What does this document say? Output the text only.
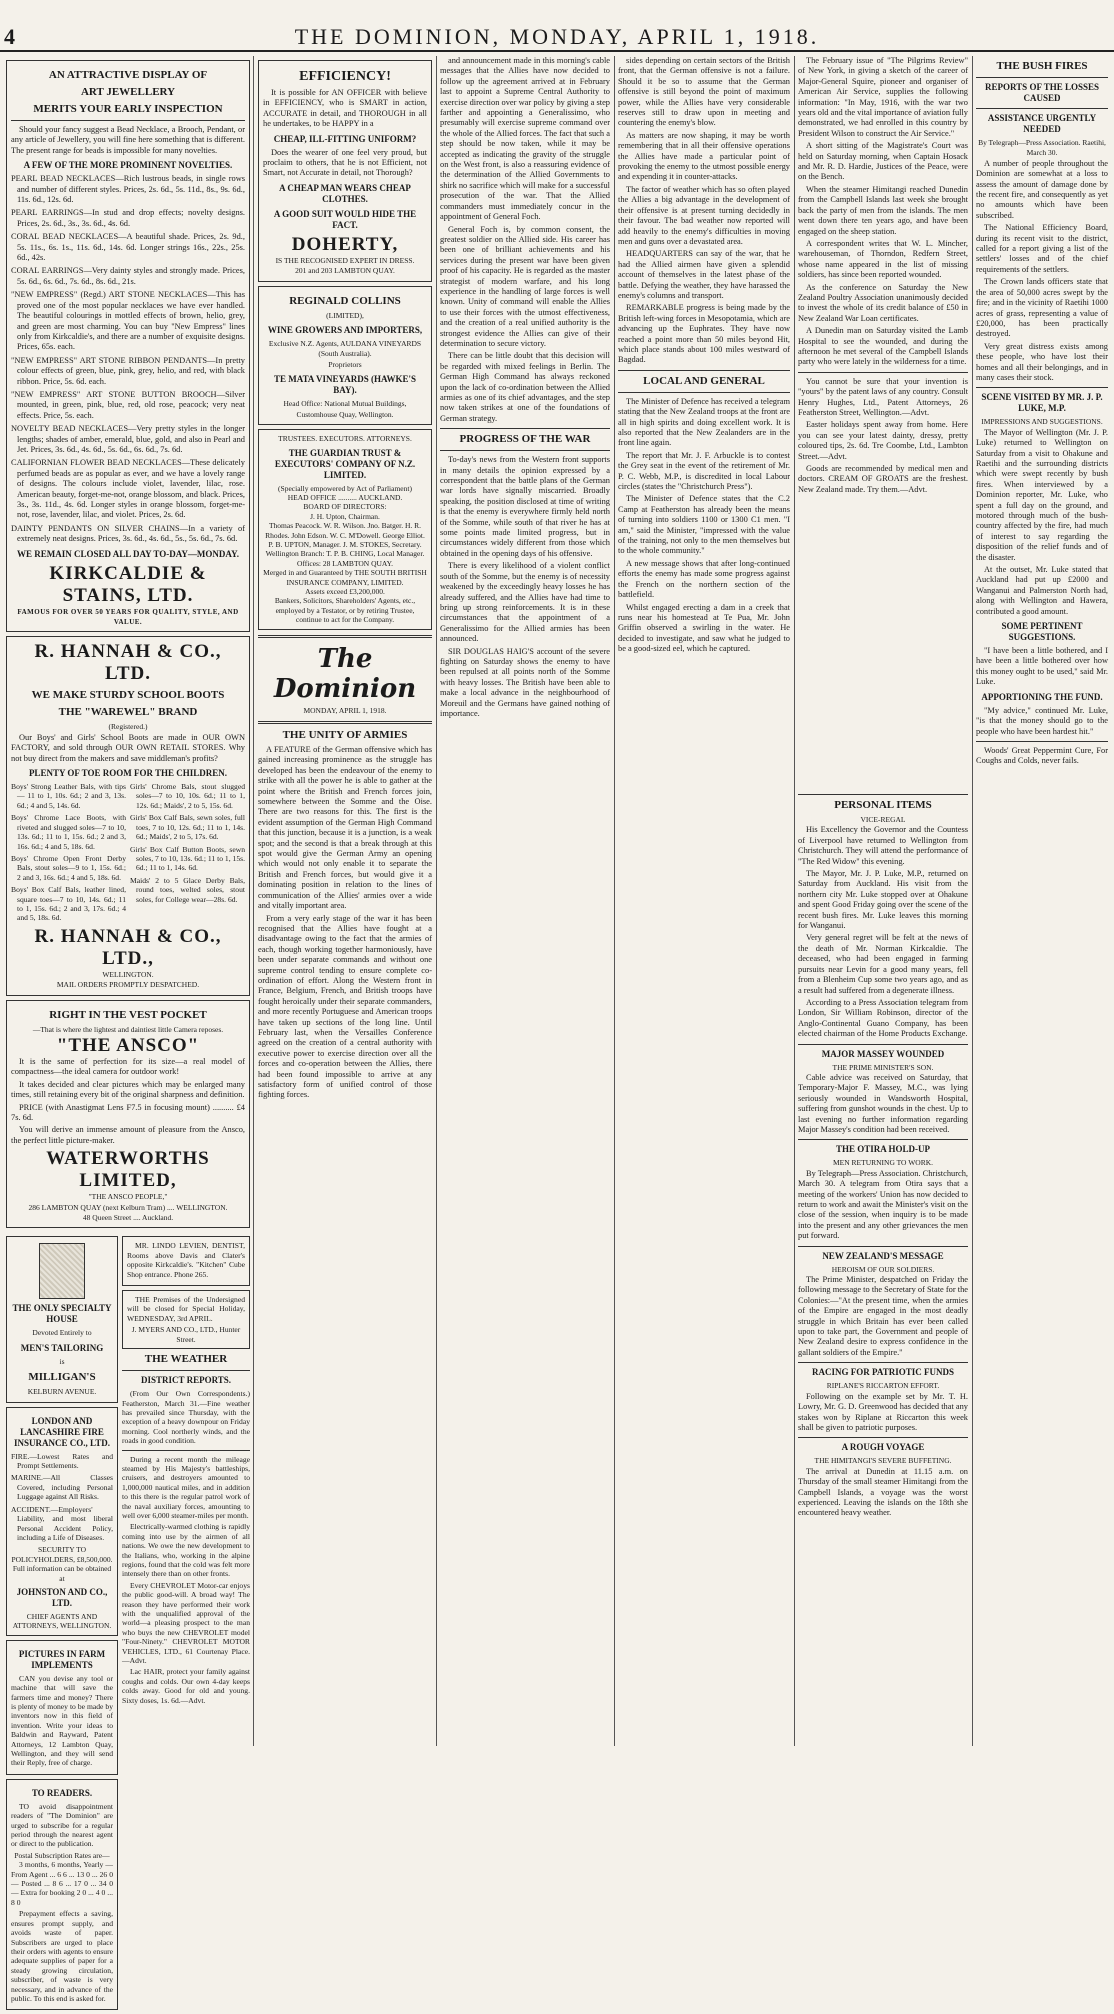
4	THE DOMINION, MONDAY, APRIL 1, 1918.
AN ATTRACTIVE DISPLAY OF
ART JEWELLERY
MERITS YOUR EARLY INSPECTION

Should your fancy suggest a Bead Necklace, a Brooch, Pendant, or any article of Jewellery, you will fine here something that is different. The present range for beads is impossible for many novelties.

A FEW OF THE MORE PROMINENT NOVELTIES.
PEARL BEAD NECKLACES—Rich lustrous beads, in single rows and number of different styles. Prices, 2s. 6d., 5s. 11d., 8s., 9s. 6d., 11s. 6d., 12s. 6d.
PEARL EARRINGS—In stud and drop effects; novelty designs. Prices, 2s. 6d., 3s., 3s. 6d., 4s. 6d.
CORAL BEAD NECKLACES—A beautiful shade. Prices, 2s. 9d., 5s. 11s., 6s. 1s., 11s. 6d., 14s. 6d. Longer strings 16s., 22s., 25s. 6d., 42s.
CORAL EARRINGS—Very dainty styles and strongly made. Prices, 5s. 6d., 6s. 6d., 7s. 6d., 8s. 6d., 21s.
"NEW EMPRESS" (Regd.) ART STONE NECKLACES—This has proved one of the most popular necklaces we have ever handled. The beautiful colourings in mottled effects of brown, helio, grey, and green are most charming. You can buy "New Empress" lines only from Kirkcaldie's, and there are a number of exquisite designs. Prices, 65s. each.
"NEW EMPRESS" ART STONE RIBBON PENDANTS—In pretty colour effects of green, blue, pink, grey, helio, and red, with black ribbon. Price, 5s. 6d. each.
"NEW EMPRESS" ART STONE BUTTON BROOCH—Silver mounted, in green, pink, blue, red, old rose, peacock; very neat effects. Price, 5s. each.
NOVELTY BEAD NECKLACES—Very pretty styles in the longer lengths; shades of amber, emerald, blue, gold, and also in Pearl and Jet. Prices, 3s. 6d., 4s. 6d., 5s. 6d., 6s. 6d., 7s. 6d.
CALIFORNIAN FLOWER BEAD NECKLACES—These delicately perfumed beads are as popular as ever, and we have a lovely range of designs. The colours include violet, lavender, lilac, rose. American beauty, forget-me-not, orange blossom, and black. Prices, 3s., 3s. 11d., 4s. 6d. Longer styles in orange blossom, forget-me-not, rose, lavender, lilac, and violet. Prices, 2s. 6d.
DAINTY PENDANTS ON SILVER CHAINS—In a variety of extremely neat designs. Prices, 3s. 6d., 4s. 6d., 5s., 5s. 6d., 7s. 6d.
WE REMAIN CLOSED ALL DAY TO-DAY—MONDAY.
KIRKCALDIE & STAINS, LTD.
FAMOUS FOR OVER 50 YEARS FOR QUALITY, STYLE, AND VALUE.
R. HANNAH & CO., LTD.
WE MAKE STURDY SCHOOL BOOTS
THE "WAREWEL" BRAND
(Registered.)

Our Boys' and Girls' School Boots are made in OUR OWN FACTORY, and sold through OUR OWN RETAIL STORES. Why not buy direct from the makers and save middleman's profits?

PLENTY OF TOE ROOM FOR THE CHILDREN.
Boys' Strong Leather Bals, with tips— 11 to 1, 10s. 6d.; 2 and 3, 13s. 6d.; 4 and 5, 14s. 6d.
Boys' Chrome Lace Boots, with riveted and slugged soles—7 to 10, 13s. 6d.; 11 to 1, 15s. 6d.; 2 and 3, 16s. 6d.; 4 and 5, 18s. 6d.
Boys' Chrome Open Front Derby Bals, stout soles—9 to 1, 15s. 6d.; 2 and 3, 16s. 6d.; 4 and 5, 18s. 6d.
Boys' Box Calf Bals, leather lined, square toes—7 to 10, 14s. 6d.; 11 to 1, 15s. 6d.; 2 and 3, 17s. 6d.; 4 and 5, 18s. 6d.
Girls' Chrome Bals, stout slugged soles—7 to 10, 10s. 6d.; 11 to 1, 12s. 6d.; Maids', 2 to 5, 15s. 6d.
Girls' Box Calf Bals, sewn soles, full toes, 7 to 10, 12s. 6d.; 11 to 1, 14s. 6d.; Maids', 2 to 5, 17s. 6d.
Girls' Box Calf Button Boots, sewn soles, 7 to 10, 13s. 6d.; 11 to 1, 15s. 6d.; 11 to 1, 14s. 6d.
Maids' 2 to 5 Glace Derby Bals, round toes, welted soles, stout soles, for College wear—28s. 6d.
R. HANNAH & CO., LTD.,
WELLINGTON.
MAIL ORDERS PROMPTLY DESPATCHED.
RIGHT IN THE VEST POCKET
—That is where the lightest and daintiest little Camera reposes.
"THE ANSCO"

It is the same of perfection for its size—a real model of compactness—the ideal camera for outdoor work!

It takes decided and clear pictures which may be enlarged many times, still retaining every bit of the original sharpness and definition.

PRICE (with Anastigmat Lens F7.5 in focusing mount) .......... £4 7s. 6d.

You will derive an immense amount of pleasure from the Ansco, the perfect little picture-maker.

WATERWORTHS LIMITED,
"THE ANSCO PEOPLE,"
286 LAMBTON QUAY (next Kelburn Tram) .... WELLINGTON.
48 Queen Street .... Auckland.
THE ONLY SPECIALTY HOUSE
Devoted Entirely to
MEN'S TAILORING
is
MILLIGAN'S
KELBURN AVENUE.
LONDON AND LANCASHIRE FIRE INSURANCE CO., LTD.
FIRE.—Lowest Rates and Prompt Settlements.
MARINE.—All Classes Covered, including Personal Luggage against All Risks.
ACCIDENT.—Employers' Liability, and most liberal Personal Accident Policy, including a Life of Diseases.
SECURITY TO POLICYHOLDERS, £8,500,000.
Full information can be obtained at
JOHNSTON AND CO., LTD.
CHIEF AGENTS AND ATTORNEYS, WELLINGTON.
PICTURES IN FARM IMPLEMENTS

CAN you devise any tool or machine that will save the farmers time and money? There is plenty of money to be made by inventors now in this field of invention. Write your ideas to Baldwin and Rayward, Patent Attorneys, 12 Lambton Quay, Wellington, and they will send their Reply, free of charge.

TO READERS.

TO avoid disappointment readers of "The Dominion" are urged to subscribe for a regular period through the nearest agent or direct to the publication.

Postal Subscription Rates are—

3 months, 6 months, Yearly — From Agent ... 6 6 ... 13 0 ... 26 0 — Posted ... 8 6 ... 17 0 ... 34 0 — Extra for booking 2 0 ... 4 0 ... 8 0

Prepayment effects a saving, ensures prompt supply, and avoids waste of paper. Subscribers are urged to place their orders with agents to ensure adequate supplies of paper for a steady growing circulation, subscriber, of waste is very necessary, and in advance of the public. To this end is asked for.

MR. LINDO LEVIEN, DENTIST, Rooms above Davis and Clater's opposite Kirkcaldie's. "Kitchen" Cube Shop entrance. Phone 265.

THE Premises of the Undersigned will be closed for Special Holiday, WEDNESDAY, 3rd APRIL.

J. MYERS AND CO., LTD., Hunter Street.
THE WEATHER
DISTRICT REPORTS.

(From Our Own Correspondents.) Featherston, March 31.—Fine weather has prevailed since Thursday, with the exception of a heavy downpour on Friday morning. Cool northerly winds, and the roads in good condition.

During a recent month the mileage steamed by His Majesty's battleships, cruisers, and destroyers amounted to 1,000,000 nautical miles, and in addition to this there is the regular patrol work of the naval auxiliary forces, amounting to well over 6,000 steamer-miles per month.

Electrically-warmed clothing is rapidly coming into use by the airmen of all nations. We owe the new development to the Italians, who, working in the alpine regions, found that the cold was felt more intensely there than on other fronts.

Every CHEVROLET Motor-car enjoys the public good-will. A broad way! The reason they have performed their work with the unqualified approval of the world—a pleasing prospect to the man who buys the new CHEVROLET model "Four-Ninety." CHEVROLET MOTOR VEHICLES, LTD., 61 Courtenay Place.—Advt.

Lac HAIR, protect your family against coughs and colds. Our own 4-day keeps colds away. Good for old and young. Sixty doses, 1s. 6d.—Advt.

EFFICIENCY!

It is possible for AN OFFICER with believe in EFFICIENCY, who is SMART in action, ACCURATE in detail, and THOROUGH in all he undertakes, to be HAPPY in a

CHEAP, ILL-FITTING UNIFORM?

Does the wearer of one feel very proud, but proclaim to others, that he is not Efficient, not Smart, not Accurate in detail, not Thorough?

A CHEAP MAN WEARS CHEAP CLOTHES.
A GOOD SUIT WOULD HIDE THE FACT.
DOHERTY,
IS THE RECOGNISED EXPERT IN DRESS.
201 and 203 LAMBTON QUAY.
REGINALD COLLINS
(LIMITED),
WINE GROWERS AND IMPORTERS,
Exclusive N.Z. Agents, AULDANA VINEYARDS (South Australia).
Proprietors
TE MATA VINEYARDS (HAWKE'S BAY).
Head Office: National Mutual Buildings, Customhouse Quay, Wellington.
TRUSTEES. EXECUTORS. ATTORNEYS.
THE GUARDIAN TRUST & EXECUTORS' COMPANY OF N.Z. LIMITED.
(Specially empowered by Act of Parliament)
HEAD OFFICE .......... AUCKLAND.
BOARD OF DIRECTORS:
J. H. Upton, Chairman.
Thomas Peacock. W. R. Wilson. Jno. Batger. H. R. Rhodes. John Edson. W. C. M'Dowell. George Elliot.
P. B. UPTON, Manager. J. M. STOKES, Secretary.
Wellington Branch: T. P. B. CHING, Local Manager.
Offices: 28 LAMBTON QUAY.
Merged in and Guaranteed by THE SOUTH BRITISH INSURANCE COMPANY, LIMITED.
Assets exceed £3,200,000.
Bankers, Solicitors, Shareholders' Agents, etc., employed by a Testator, or by retiring Trustee, continue to act for the Company.
The Dominion
MONDAY, APRIL 1, 1918.
THE UNITY OF ARMIES

A FEATURE of the German offensive which has gained increasing prominence as the struggle has developed has been the endeavour of the enemy to strike with all the power he is able to gather at the point where the British and French forces join, somewhere between the Somme and the Oise. There are two reasons for this. The first is the evident assumption of the German High Command that this junction, because it is a junction, is a weak spot; and the second is that a break through at this spot would give the German Army an opening which would not only enable it to separate the British and French forces, but would give it a dominating position in relation to the lines of communication of the Allies' armies over a wide and vitally important area.

From a very early stage of the war it has been recognised that the Allies have fought at a disadvantage owing to the fact that the armies of each, though working together harmoniously, have been under separate commands and without one supreme control tending to ensure complete co-ordination of effort. Along the Western front in France, Belgium, French, and British troops have fought heroically under their separate commanders, and more recently Portuguese and American troops have taken up sections of the long line. Until February last, when the Versailles Conference agreed on the creation of a central authority with executive power to exercise direction over all the forces and co-operation between the Allies, there had been found impossible to arrive at any satisfactory form of unified control of those fighting forces.

and announcement made in this morning's cable messages that the Allies have now decided to follow up the agreement arrived at in February last to appoint a Supreme Central Authority to exercise direction over war policy by giving a step farther and appointing a Generalissimo, who presumably will exercise supreme command over the whole of the Allied forces. The fact that such a step should be now taken, while it may be accepted as indicating the gravity of the struggle on the West front, is also a reassuring evidence of the determination of the Allied Governments to shirk no sacrifice which will make for a successful prosecution of the war. That the Allied commanders must immediately concur in the appointment of General Foch.

General Foch is, by common consent, the greatest soldier on the Allied side. His career has been one of brilliant achievements and his services during the present war have been given proof of his capacity. He is regarded as the master strategist of modern warfare, and his long experience in the handling of large forces is well known. Unity of command will enable the Allies to use their forces with the utmost effectiveness, and the creation of a real unified authority is the strongest evidence the Allies can give of their determination to secure victory.

There can be little doubt that this decision will be regarded with mixed feelings in Berlin. The German High Command has always reckoned upon the lack of co-ordination between the Allied armies as one of its chief advantages, and the step now taken strikes at one of the foundations of German strategy.

PROGRESS OF THE WAR

To-day's news from the Western front supports in many details the opinion expressed by a correspondent that the battle plans of the German war lords have signally miscarried. Broadly speaking, the position disclosed at time of writing is that the enemy is everywhere firmly held north of the Somme, while south of that river he has at some points made limited progress, but in circumstances widely different from those which obtained in the opening days of his offensive.

There is every likelihood of a violent conflict south of the Somme, but the enemy is of necessity weakened by the exceedingly heavy losses he has already suffered, and the Allies have had time to bring up strong reinforcements. It is in these circumstances that the appointment of a Generalissimo for the Allied armies has been announced.

SIR DOUGLAS HAIG'S account of the severe fighting on Saturday shows the enemy to have been repulsed at all points north of the Somme with heavy losses. The British have been able to make a local advance in the neighbourhood of Moreuil and the Germans have gained nothing of importance.

sides depending on certain sectors of the British front, that the German offensive is not a failure. Should it be so to assume that the German offensive is still beyond the point of maximum power, while the Allies have very considerable reserves still to draw upon in meeting and countering the enemy's blow.

As matters are now shaping, it may be worth remembering that in all their offensive operations the Allies have made a particular point of provoking the enemy to the utmost possible energy and expending it in counter-attacks.

The factor of weather which has so often played the Allies a big advantage in the development of their offensive is at present turning decidedly in their favour. The bad weather now reported will add heavily to the enemy's difficulties in moving men and guns over a devastated area.

HEADQUARTERS can say of the war, that he had the Allied airmen have given a splendid account of themselves in the latest phase of the battle. Defying the weather, they have harassed the enemy's columns and transport.

REMARKABLE progress is being made by the British left-wing forces in Mesopotamia, which are advancing up the Euphrates. They have now reached a point more than 50 miles beyond Hit, which place stands about 100 miles westward of Bagdad.

LOCAL AND GENERAL

The Minister of Defence has received a telegram stating that the New Zealand troops at the front are all in high spirits and doing excellent work. It is also reported that the New Zealanders are in the front line again.

The report that Mr. J. F. Arbuckle is to contest the Grey seat in the event of the retirement of Mr. P. C. Webb, M.P., is discredited in local Labour circles (states the "Christchurch Press").

The Minister of Defence states that the C.2 Camp at Featherston has already been the means of turning into soldiers 1100 or 1300 C1 men. "I am," said the Minister, "impressed with the value of the training, not only to the men themselves but to the whole community."

A new message shows that after long-continued efforts the enemy has made some progress against the French on the northern section of the battlefield.

Whilst engaged erecting a dam in a creek that runs near his homestead at Te Pua, Mr. John Griffin observed a swirling in the water. He decided to investigate, and saw what he judged to be a good-sized eel, which he captured.

The February issue of "The Pilgrims Review" of New York, in giving a sketch of the career of Major-General Squire, pioneer and organiser of American Air Service, supplies the following information: "In May, 1916, with the war two years old and the vital importance of aviation fully demonstrated, we had enrolled in this country by President Wilson to construct the Air Service."

A short sitting of the Magistrate's Court was held on Saturday morning, when Captain Hosack and Mr. R. D. Hardie, Justices of the Peace, were on the Bench.

When the steamer Himitangi reached Dunedin from the Campbell Islands last week she brought back the party of men from the islands. The men went down there ten years ago, and have been engaged on the sheep station.

A correspondent writes that W. L. Mincher, warehouseman, of Thorndon, Redfern Street, whose name appeared in the list of missing soldiers, has since been reported wounded.

As the conference on Saturday the New Zealand Poultry Association unanimously decided to invest the whole of its credit balance of £50 in New Zealand War Loan certificates.

A Dunedin man on Saturday visited the Lamb Hospital to see the wounded, and during the afternoon he met several of the Campbell Islands party who were lately in the wilderness for a time.

You cannot be sure that your invention is "yours" by the patent laws of any country. Consult Henry Hughes, Ltd., Patent Attorneys, 26 Featherston Street, Wellington.—Advt.

Easter holidays spent away from home. Here you can see your latest dainty, dressy, pretty coloured tips, 2s. 6d. Tre Coombe, Ltd., Lambton Street.—Advt.

Goods are recommended by medical men and doctors. CREAM OF GROATS are the freshest. New Zealand made. Try them.—Advt.

THE BUSH FIRES
REPORTS OF THE LOSSES CAUSED
ASSISTANCE URGENTLY NEEDED
By Telegraph—Press Association. Raetihi, March 30.

A number of people throughout the Dominion are somewhat at a loss to assess the amount of damage done by the recent fire, and consequently as yet no amounts which have been subscribed.

The National Efficiency Board, during its recent visit to the district, called for a report giving a list of the settlers' losses and of the chief requirements of the settlers.

The Crown lands officers state that the area of 50,000 acres swept by the fire; and in the vicinity of Raetihi 1000 acres of grass, representing a value of £20,000, has been practically destroyed.

Very great distress exists among these people, who have lost their homes and all their belongings, and in many cases their stock.

SCENE VISITED BY MR. J. P. LUKE, M.P.
IMPRESSIONS AND SUGGESTIONS.

The Mayor of Wellington (Mr. J. P. Luke) returned to Wellington on Saturday from a visit to Ohakune and Raetihi and the surrounding districts which were swept recently by bush fires. When interviewed by a Dominion reporter, Mr. Luke, who spent a full day on the ground, and motored through much of the bush-country affected by the fire, had much of interest to say regarding the disposition of the relief funds and of the disaster.

At the outset, Mr. Luke stated that Auckland had put up £2000 and Wanganui and Palmerston North had, along with Wellington and Hawera, contributed a good amount.

SOME PERTINENT SUGGESTIONS.

"I have been a little bothered, and I have been a little bothered over how this money ought to be used," said Mr. Luke.

APPORTIONING THE FUND.

"My advice," continued Mr. Luke, "is that the money should go to the people who have been hardest hit."

Woods' Great Peppermint Cure, For Coughs and Colds, never fails.

PERSONAL ITEMS
VICE-REGAL

His Excellency the Governor and the Countess of Liverpool have returned to Wellington from Christchurch. They will attend the performance of "The Red Widow" this evening.

The Mayor, Mr. J. P. Luke, M.P., returned on Saturday from Auckland. His visit from the northern city Mr. Luke stopped over at Ohakune and spent Good Friday going over the scene of the recent bush fires. Mr. Luke leaves this morning for Wanganui.

Very general regret will be felt at the news of the death of Mr. Norman Kirkcaldie. The deceased, who had been engaged in farming pursuits near Levin for a good many years, fell from a Blenheim Cup some two years ago, and as a result had suffered from a degenerate illness.

According to a Press Association telegram from London, Sir William Robinson, director of the Anglo-Continental Guano Company, has been elected chairman of the Home Products Exchange.

MAJOR MASSEY WOUNDED
THE PRIME MINISTER'S SON.

Cable advice was received on Saturday, that Temporary-Major F. Massey, M.C., was lying seriously wounded in Wandsworth Hospital, suffering from gunshot wounds in the chest. Up to last evening no further information regarding Major Massey's condition had been received.

THE OTIRA HOLD-UP
MEN RETURNING TO WORK.

By Telegraph—Press Association. Christchurch, March 30. A telegram from Otira says that a meeting of the workers' Union has now decided to return to work and await the Minister's visit on the close of the session, when inquiry is to be made into the present and any other grievances the men put forward.

NEW ZEALAND'S MESSAGE
HEROISM OF OUR SOLDIERS.

The Prime Minister, despatched on Friday the following message to the Secretary of State for the Colonies:—"At the present time, when the armies of the Empire are engaged in the most deadly struggle in which Britain has ever been called upon to take part, the Government and people of New Zealand desire to express confidence in the gallant soldiers of the Empire."

RACING FOR PATRIOTIC FUNDS
RIPLANE'S RICCARTON EFFORT.

Following on the example set by Mr. T. H. Lowry, Mr. G. D. Greenwood has decided that any stakes won by Riplane at Riccarton this week shall be given to patriotic purposes.

A ROUGH VOYAGE
THE HIMITANGI'S SEVERE BUFFETING.

The arrival at Dunedin at 11.15 a.m. on Thursday of the small steamer Himitangi from the Campbell Islands, a voyage was the worst experienced. Leaving the islands on the 18th she encountered heavy weather.
